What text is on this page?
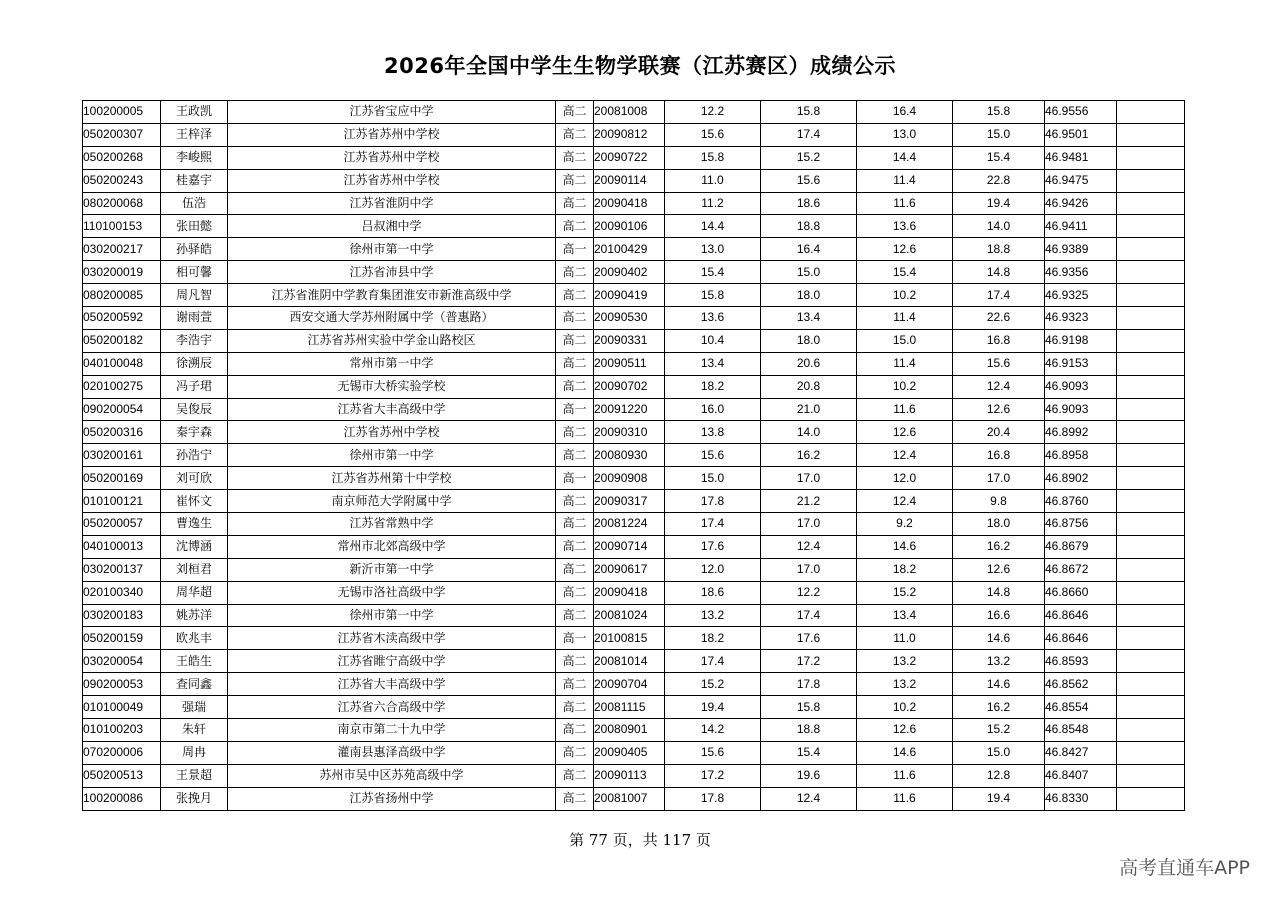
2026年全国中学生生物学联赛（江苏赛区）成绩公示
100200005	王政凯	江苏省宝应中学	高二	20081008	12.2	15.8	16.4	15.8	46.9556	
050200307	王梓泽	江苏省苏州中学校	高二	20090812	15.6	17.4	13.0	15.0	46.9501	
050200268	李峻熙	江苏省苏州中学校	高二	20090722	15.8	15.2	14.4	15.4	46.9481	
050200243	桂嘉宇	江苏省苏州中学校	高二	20090114	11.0	15.6	11.4	22.8	46.9475	
080200068	伍浩	江苏省淮阴中学	高二	20090418	11.2	18.6	11.6	19.4	46.9426	
110100153	张田懿	吕叔湘中学	高二	20090106	14.4	18.8	13.6	14.0	46.9411	
030200217	孙驿皓	徐州市第一中学	高一	20100429	13.0	16.4	12.6	18.8	46.9389	
030200019	相可馨	江苏省沛县中学	高二	20090402	15.4	15.0	15.4	14.8	46.9356	
080200085	周凡智	江苏省淮阴中学教育集团淮安市新淮高级中学	高二	20090419	15.8	18.0	10.2	17.4	46.9325	
050200592	谢雨萱	西安交通大学苏州附属中学（普惠路）	高二	20090530	13.6	13.4	11.4	22.6	46.9323	
050200182	李浩宇	江苏省苏州实验中学金山路校区	高二	20090331	10.4	18.0	15.0	16.8	46.9198	
040100048	徐溯辰	常州市第一中学	高二	20090511	13.4	20.6	11.4	15.6	46.9153	
020100275	冯子珺	无锡市大桥实验学校	高二	20090702	18.2	20.8	10.2	12.4	46.9093	
090200054	吴俊辰	江苏省大丰高级中学	高一	20091220	16.0	21.0	11.6	12.6	46.9093	
050200316	秦宇森	江苏省苏州中学校	高二	20090310	13.8	14.0	12.6	20.4	46.8992	
030200161	孙浩宁	徐州市第一中学	高二	20080930	15.6	16.2	12.4	16.8	46.8958	
050200169	刘可欣	江苏省苏州第十中学校	高一	20090908	15.0	17.0	12.0	17.0	46.8902	
010100121	崔怀文	南京师范大学附属中学	高二	20090317	17.8	21.2	12.4	9.8	46.8760	
050200057	曹逸生	江苏省常熟中学	高二	20081224	17.4	17.0	9.2	18.0	46.8756	
040100013	沈博涵	常州市北郊高级中学	高二	20090714	17.6	12.4	14.6	16.2	46.8679	
030200137	刘桓君	新沂市第一中学	高二	20090617	12.0	17.0	18.2	12.6	46.8672	
020100340	周华超	无锡市洛社高级中学	高二	20090418	18.6	12.2	15.2	14.8	46.8660	
030200183	姚苏洋	徐州市第一中学	高二	20081024	13.2	17.4	13.4	16.6	46.8646	
050200159	欧兆丰	江苏省木渎高级中学	高一	20100815	18.2	17.6	11.0	14.6	46.8646	
030200054	王皓生	江苏省睢宁高级中学	高二	20081014	17.4	17.2	13.2	13.2	46.8593	
090200053	查同鑫	江苏省大丰高级中学	高二	20090704	15.2	17.8	13.2	14.6	46.8562	
010100049	强瑞	江苏省六合高级中学	高二	20081115	19.4	15.8	10.2	16.2	46.8554	
010100203	朱轩	南京市第二十九中学	高二	20080901	14.2	18.8	12.6	15.2	46.8548	
070200006	周冉	灌南县惠泽高级中学	高二	20090405	15.6	15.4	14.6	15.0	46.8427	
050200513	王景超	苏州市吴中区苏苑高级中学	高二	20090113	17.2	19.6	11.6	12.8	46.8407	
100200086	张挽月	江苏省扬州中学	高二	20081007	17.8	12.4	11.6	19.4	46.8330	
第 77 页，共 117 页
高考直通车APP
